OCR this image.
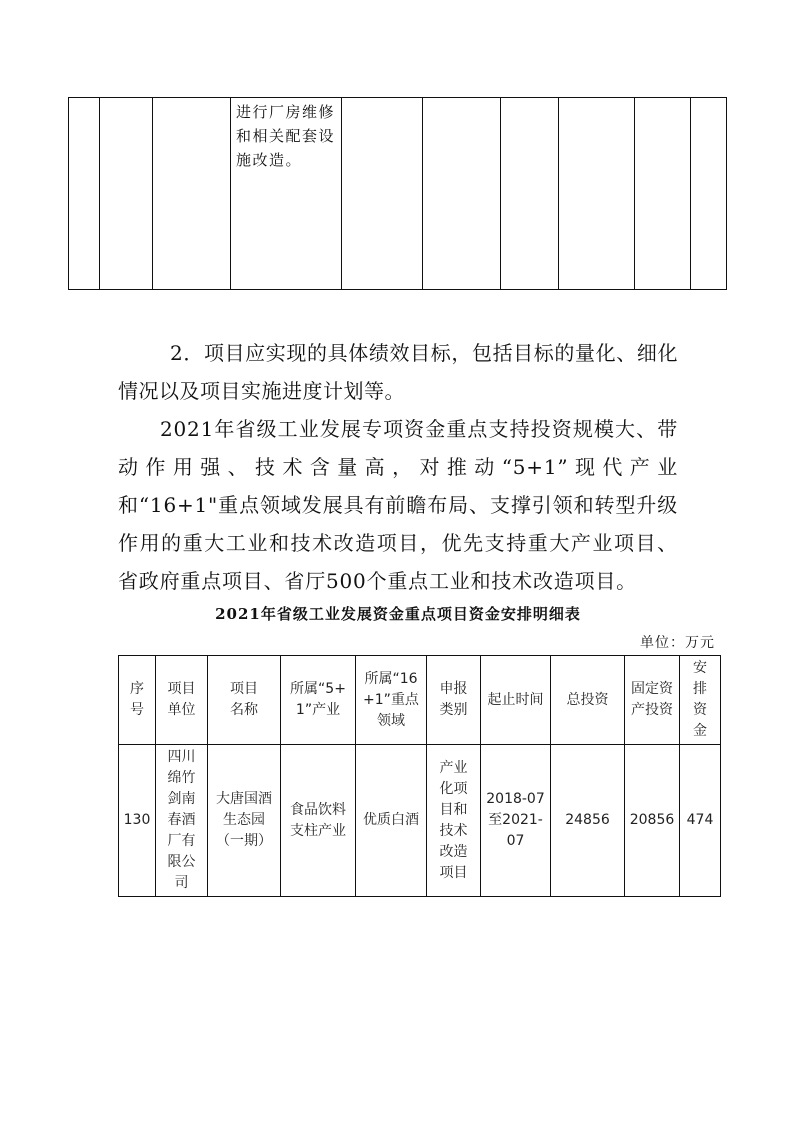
			进行厂房维修和相关配套设施改造。						

2．项目应实现的具体绩效目标，包括目标的量化、细化情况以及项目实施进度计划等。

2021年省级工业发展专项资金重点支持投资规模大、带动作用强、技术含量高，对推动“5+1”现代产业和“16+1"重点领域发展具有前瞻布局、支撑引领和转型升级作用的重大工业和技术改造项目，优先支持重大产业项目、省政府重点项目、省厅500个重点工业和技术改造项目。

2021年省级工业发展资金重点项目资金安排明细表
单位：万元
序号	项目单位	项目名称	所属“5+1”产业	所属“16+1”重点领域	申报类别	起止时间	总投资	固定资产投资	安排资金

130	四川绵竹剑南春酒厂有限公司	大唐国酒生态园（一期）	食品饮料支柱产业	优质白酒	产业化项目和技术改造项目	2018-07至2021-07	24856	20856	474
